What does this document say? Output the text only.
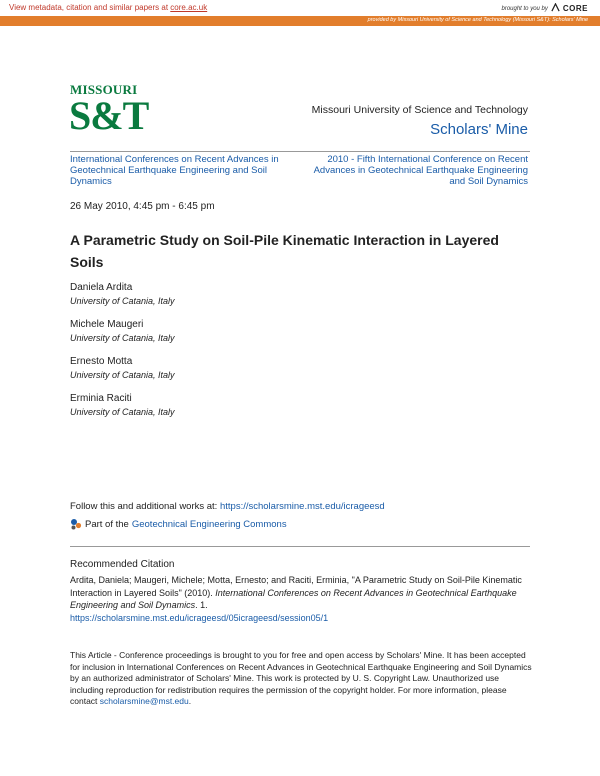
View metadata, citation and similar papers at core.ac.uk	brought to you by CORE
provided by Missouri University of Science and Technology (Missouri S&T): Scholars' Mine
MISSOURI
S&T	Missouri University of Science and Technology
Scholars' Mine
International Conferences on Recent Advances in Geotechnical Earthquake Engineering and Soil Dynamics
2010 - Fifth International Conference on Recent Advances in Geotechnical Earthquake Engineering and Soil Dynamics
26 May 2010, 4:45 pm - 6:45 pm
A Parametric Study on Soil-Pile Kinematic Interaction in Layered Soils
Daniela Ardita
University of Catania, Italy
Michele Maugeri
University of Catania, Italy
Ernesto Motta
University of Catania, Italy
Erminia Raciti
University of Catania, Italy
Follow this and additional works at: https://scholarsmine.mst.edu/icrageesd
Part of the Geotechnical Engineering Commons
Recommended Citation
Ardita, Daniela; Maugeri, Michele; Motta, Ernesto; and Raciti, Erminia, "A Parametric Study on Soil-Pile Kinematic Interaction in Layered Soils" (2010). International Conferences on Recent Advances in Geotechnical Earthquake Engineering and Soil Dynamics. 1.
https://scholarsmine.mst.edu/icrageesd/05icrageesd/session05/1
This Article - Conference proceedings is brought to you for free and open access by Scholars' Mine. It has been accepted for inclusion in International Conferences on Recent Advances in Geotechnical Earthquake Engineering and Soil Dynamics by an authorized administrator of Scholars' Mine. This work is protected by U. S. Copyright Law. Unauthorized use including reproduction for redistribution requires the permission of the copyright holder. For more information, please contact scholarsmine@mst.edu.
